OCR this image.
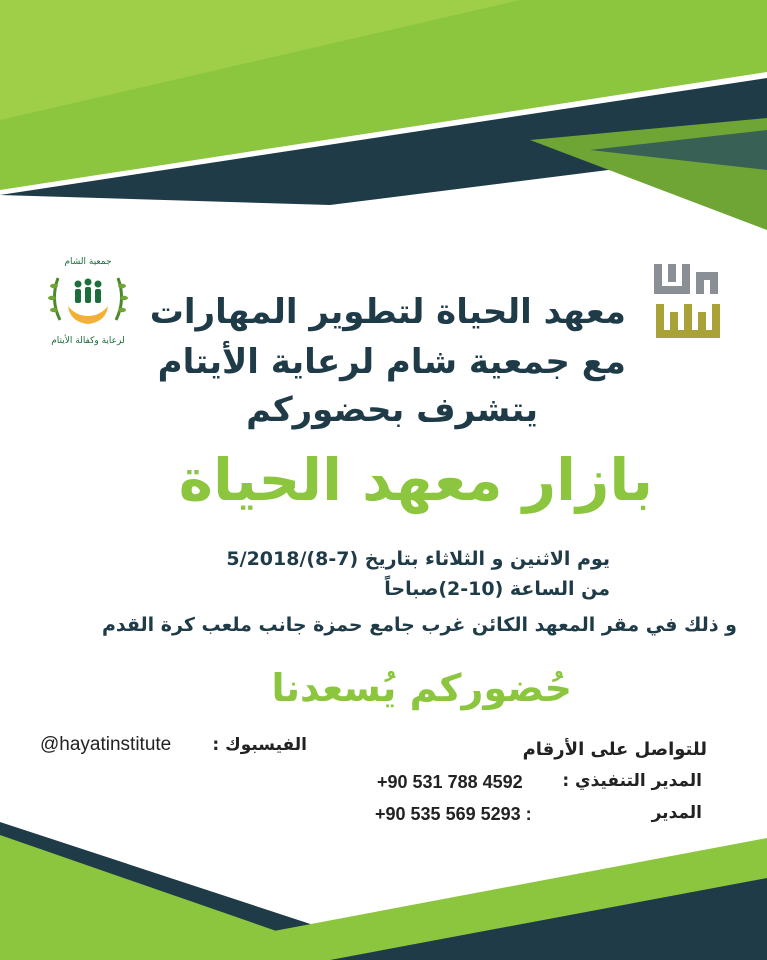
جمعية الشام
لرعاية وكفالة الأيتام
معهد الحياة لتطوير المهارات
مع جمعية شام لرعاية الأيتام
يتشرف بحضوركم
بازار معهد الحياة
يوم الاثنين و الثلاثاء بتاريخ (7-8)/5/2018
من الساعة (10-2)صباحاً
و ذلك في مقر المعهد الكائن غرب جامع حمزة جانب ملعب كرة القدم
حُضوركم يُسعدنا
للتواصل على الأرقام
المدير التنفيذي :
+90 531 788 4592
المدير
+90 535 569 5293 :
الفيسبوك :
@hayatinstitute
